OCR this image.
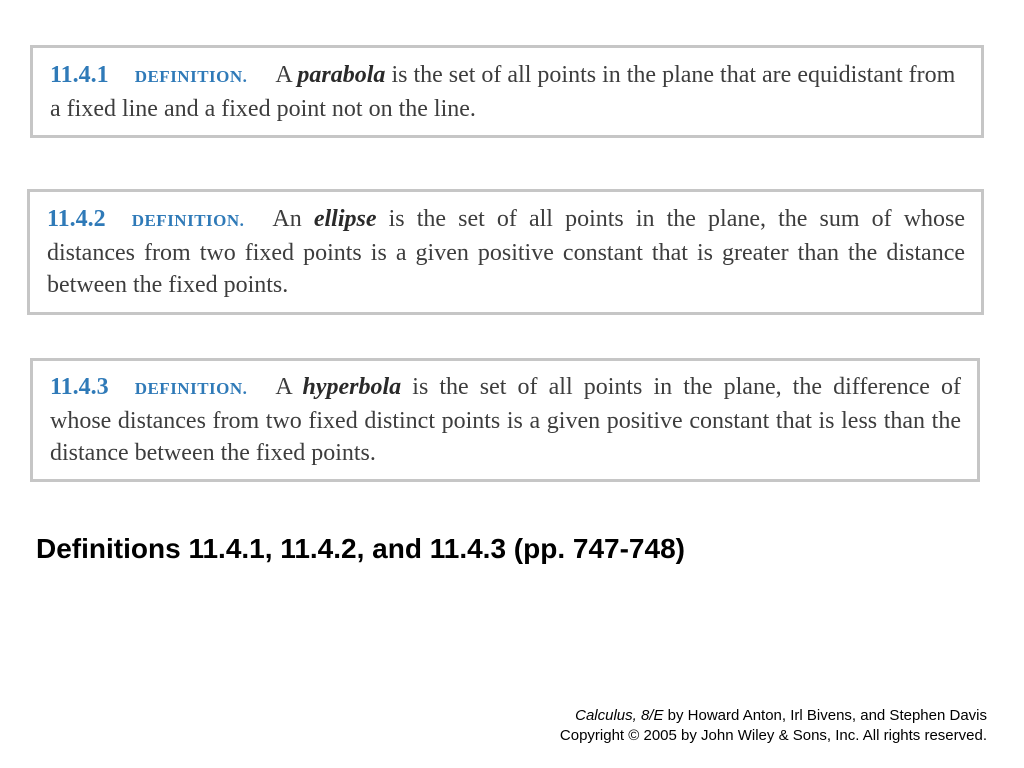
11.4.1 DEFINITION. A parabola is the set of all points in the plane that are equidistant from a fixed line and a fixed point not on the line.

11.4.2 DEFINITION. An ellipse is the set of all points in the plane, the sum of whose distances from two fixed points is a given positive constant that is greater than the distance between the fixed points.

11.4.3 DEFINITION. A hyperbola is the set of all points in the plane, the difference of whose distances from two fixed distinct points is a given positive constant that is less than the distance between the fixed points.

Definitions 11.4.1, 11.4.2, and 11.4.3 (pp. 747-748)
Calculus, 8/E by Howard Anton, Irl Bivens, and Stephen Davis
Copyright © 2005 by John Wiley & Sons, Inc. All rights reserved.
